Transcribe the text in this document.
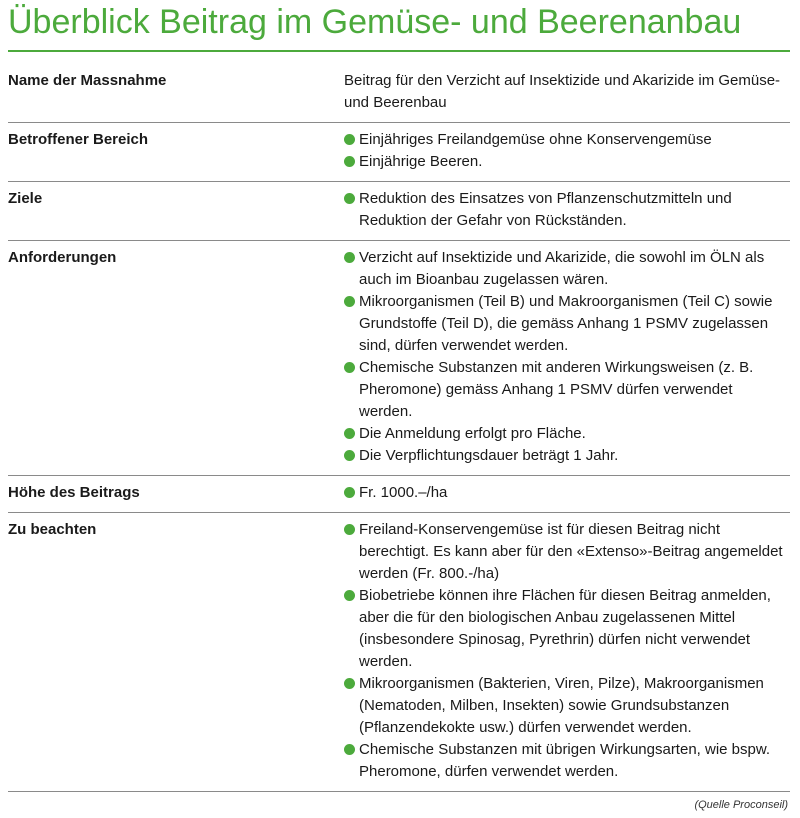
Überblick Beitrag im Gemüse- und Beerenanbau
Name der Massnahme	Beitrag für den Verzicht auf Insektizide und Akarizide im Gemüse- und Beerenbau

Betroffener Bereich	Einjähriges Freilandgemüse ohne Konservengemüse
Einjährige Beeren.
Ziele	Reduktion des Einsatzes von Pflanzenschutzmitteln und Reduktion der Gefahr von Rückständen.
Anforderungen	Verzicht auf Insektizide und Akarizide, die sowohl im ÖLN als auch im Bioanbau zugelassen wären.
Mikroorganismen (Teil B) und Makroorganismen (Teil C) sowie Grundstoffe (Teil D), die gemäss Anhang 1 PSMV zugelassen sind, dürfen verwendet werden.
Chemische Substanzen mit anderen Wirkungsweisen (z. B. Pheromone) gemäss Anhang 1 PSMV dürfen verwendet werden.
Die Anmeldung erfolgt pro Fläche.
Die Verpflichtungsdauer beträgt 1 Jahr.
Höhe des Beitrags	Fr. 1000.–/ha
Zu beachten	Freiland-Konservengemüse ist für diesen Beitrag nicht berechtigt. Es kann aber für den «Extenso»-Beitrag angemeldet werden (Fr. 800.-/ha)
Biobetriebe können ihre Flächen für diesen Beitrag anmelden, aber die für den biologischen Anbau zugelassenen Mittel (insbesondere Spinosag, Pyrethrin) dürfen nicht verwendet werden.
Mikroorganismen (Bakterien, Viren, Pilze), Makroorganismen (Nematoden, Milben, Insekten) sowie Grundsubstanzen (Pflanzendekokte usw.) dürfen verwendet werden.
Chemische Substanzen mit übrigen Wirkungsarten, wie bspw. Pheromone, dürfen verwendet werden.
(Quelle Proconseil)
